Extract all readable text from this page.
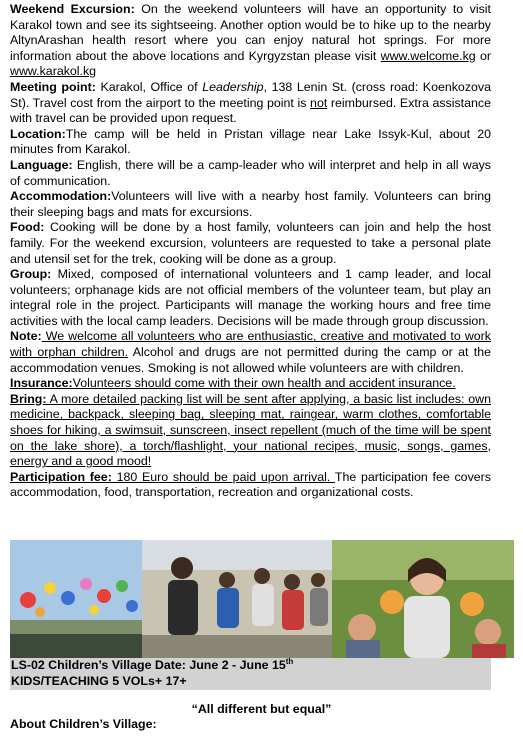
Weekend Excursion: On the weekend volunteers will have an opportunity to visit Karakol town and see its sightseeing. Another option would be to hike up to the nearby AltynArashan health resort where you can enjoy natural hot springs. For more information about the above locations and Kyrgyzstan please visit www.welcome.kg or www.karakol.kg

Meeting point: Karakol, Office of Leadership, 138 Lenin St. (cross road: Koenkozova St). Travel cost from the airport to the meeting point is not reimbursed. Extra assistance with travel can be provided upon request.

Location:The camp will be held in Pristan village near Lake Issyk-Kul, about 20 minutes from Karakol.

Language: English, there will be a camp-leader who will interpret and help in all ways of communication.

Accommodation:Volunteers will live with a nearby host family. Volunteers can bring their sleeping bags and mats for excursions.

Food: Cooking will be done by a host family, volunteers can join and help the host family. For the weekend excursion, volunteers are requested to take a personal plate and utensil set for the trek, cooking will be done as a group.

Group: Mixed, composed of international volunteers and 1 camp leader, and local volunteers; orphanage kids are not official members of the volunteer team, but play an integral role in the project. Participants will manage the working hours and free time activities with the local camp leaders. Decisions will be made through group discussion.

Note: We welcome all volunteers who are enthusiastic, creative and motivated to work with orphan children. Alcohol and drugs are not permitted during the camp or at the accommodation venues. Smoking is not allowed while volunteers are with children.

Insurance:Volunteers should come with their own health and accident insurance.

Bring: A more detailed packing list will be sent after applying, a basic list includes: own medicine, backpack, sleeping bag, sleeping mat, raingear, warm clothes, comfortable shoes for hiking, a swimsuit, sunscreen, insect repellent (much of the time will be spent on the lake shore), a torch/flashlight, your national recipes, music, songs, games, energy and a good mood!

Participation fee: 180 Euro should be paid upon arrival. The participation fee covers accommodation, food, transportation, recreation and organizational costs.

LS-02 Children’s Village Date: June 2 - June 15th
KIDS/TEACHING 5 VOLs+ 17+
“All different but equal”
About Children’s Village:
